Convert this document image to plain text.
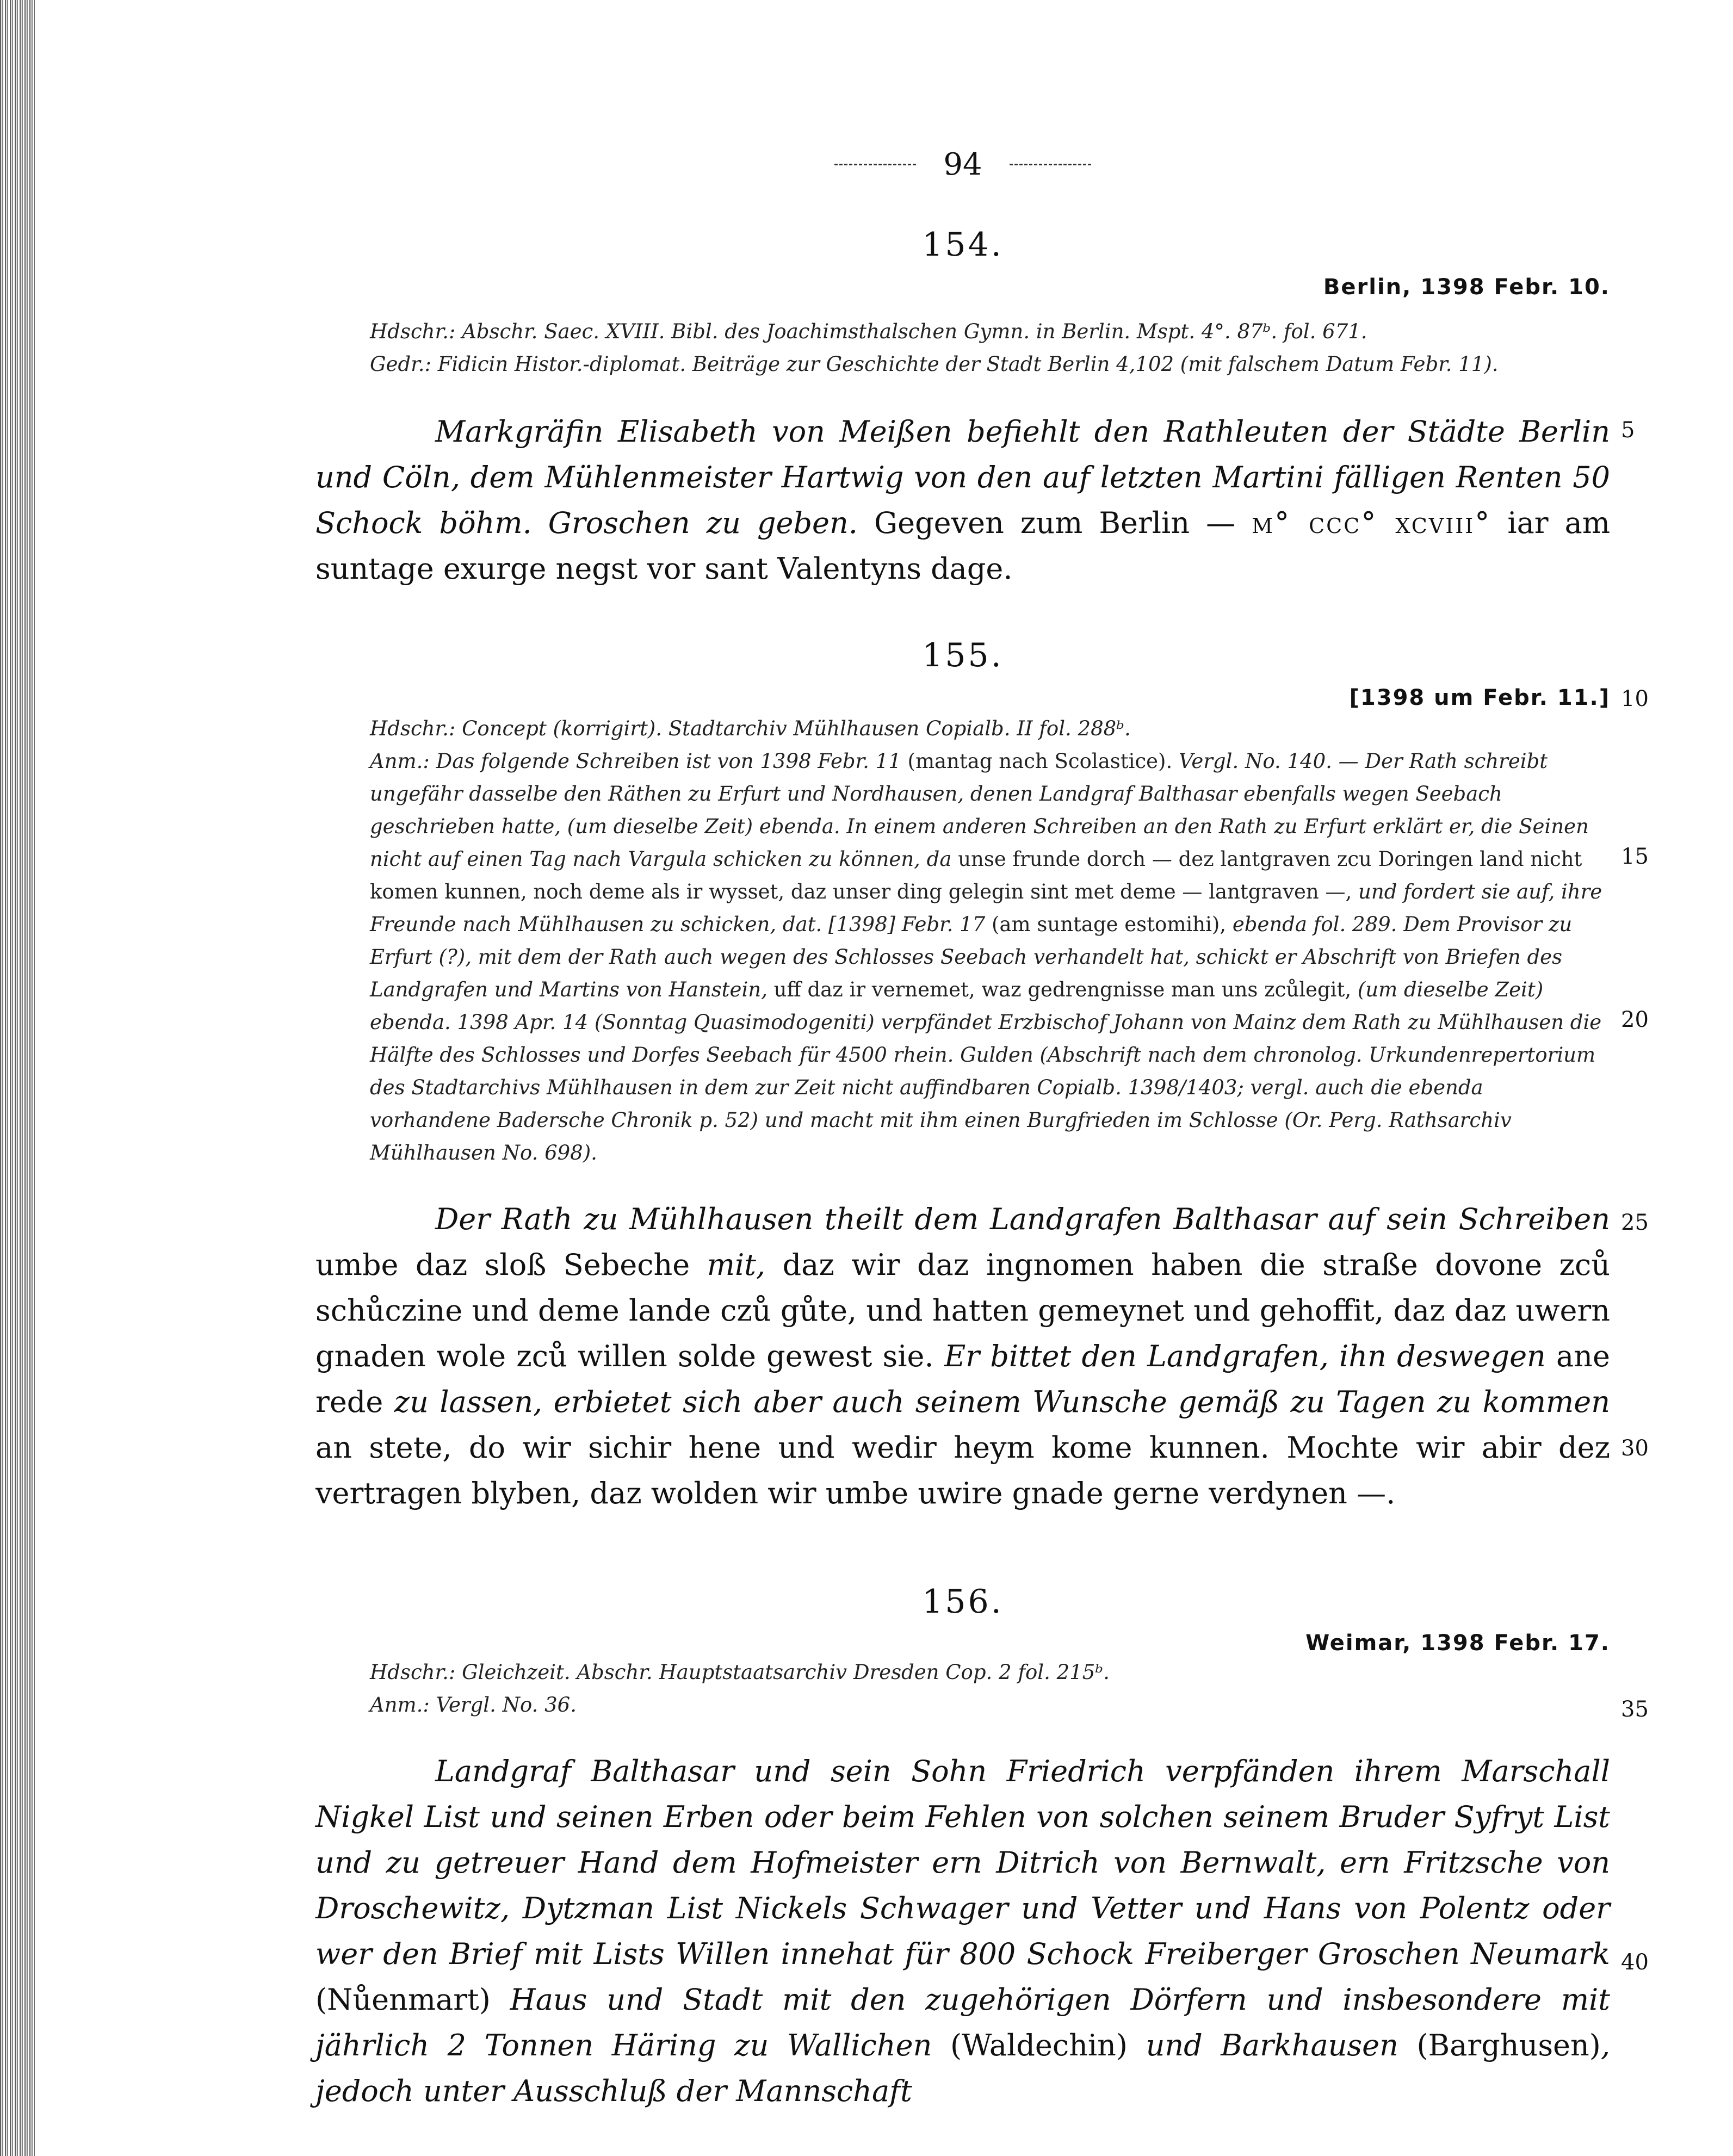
94
154.
Berlin, 1398 Febr. 10.

Hdschr.: Abschr. Saec. XVIII. Bibl. des Joachimsthalschen Gymn. in Berlin. Mspt. 4°. 87ᵇ. fol. 671.

Gedr.: Fidicin Histor.-diplomat. Beiträge zur Geschichte der Stadt Berlin 4,102 (mit falschem Datum Febr. 11).

Markgräfin Elisabeth von Meißen befiehlt den Rathleuten der Städte Berlin und Cöln, dem Mühlenmeister Hartwig von den auf letzten Martini fälligen Renten 50 Schock böhm. Groschen zu geben. Gegeven zum Berlin — m° ccc° xcviii° iar am suntage exurge negst vor sant Valentyns dage.

155.
[1398 um Febr. 11.]

Hdschr.: Concept (korrigirt). Stadtarchiv Mühlhausen Copialb. II fol. 288ᵇ.

Anm.: Das folgende Schreiben ist von 1398 Febr. 11 (mantag nach Scolastice). Vergl. No. 140. — Der Rath schreibt ungefähr dasselbe den Räthen zu Erfurt und Nordhausen, denen Landgraf Balthasar ebenfalls wegen Seebach geschrieben hatte, (um dieselbe Zeit) ebenda. In einem anderen Schreiben an den Rath zu Erfurt erklärt er, die Seinen nicht auf einen Tag nach Vargula schicken zu können, da unse frunde dorch — dez lantgraven zcu Doringen land nicht komen kunnen, noch deme als ir wysset, daz unser ding gelegin sint met deme — lantgraven —, und fordert sie auf, ihre Freunde nach Mühlhausen zu schicken, dat. [1398] Febr. 17 (am suntage estomihi), ebenda fol. 289. Dem Provisor zu Erfurt (?), mit dem der Rath auch wegen des Schlosses Seebach verhandelt hat, schickt er Abschrift von Briefen des Landgrafen und Martins von Hanstein, uff daz ir vernemet, waz gedrengnisse man uns zcůlegit, (um dieselbe Zeit) ebenda. 1398 Apr. 14 (Sonntag Quasimodogeniti) verpfändet Erzbischof Johann von Mainz dem Rath zu Mühlhausen die Hälfte des Schlosses und Dorfes Seebach für 4500 rhein. Gulden (Abschrift nach dem chronolog. Urkundenrepertorium des Stadtarchivs Mühlhausen in dem zur Zeit nicht auffindbaren Copialb. 1398/1403; vergl. auch die ebenda vorhandene Badersche Chronik p. 52) und macht mit ihm einen Burgfrieden im Schlosse (Or. Perg. Rathsarchiv Mühlhausen No. 698).

Der Rath zu Mühlhausen theilt dem Landgrafen Balthasar auf sein Schreiben umbe daz sloß Sebeche mit, daz wir daz ingnomen haben die straße dovone zců schůczine und deme lande czů gůte, und hatten gemeynet und gehoffit, daz daz uwern gnaden wole zců willen solde gewest sie. Er bittet den Landgrafen, ihn deswegen ane rede zu lassen, erbietet sich aber auch seinem Wunsche gemäß zu Tagen zu kommen an stete, do wir sichir hene und wedir heym kome kunnen. Mochte wir abir dez vertragen blyben, daz wolden wir umbe uwire gnade gerne verdynen —.

156.
Weimar, 1398 Febr. 17.

Hdschr.: Gleichzeit. Abschr. Hauptstaatsarchiv Dresden Cop. 2 fol. 215ᵇ.

Anm.: Vergl. No. 36.

Landgraf Balthasar und sein Sohn Friedrich verpfänden ihrem Marschall Nigkel List und seinen Erben oder beim Fehlen von solchen seinem Bruder Syfryt List und zu getreuer Hand dem Hofmeister ern Ditrich von Bernwalt, ern Fritzsche von Droschewitz, Dytzman List Nickels Schwager und Vetter und Hans von Polentz oder wer den Brief mit Lists Willen innehat für 800 Schock Freiberger Groschen Neumark (Nůenmart) Haus und Stadt mit den zugehörigen Dörfern und insbesondere mit jährlich 2 Tonnen Häring zu Wallichen (Waldechin) und Barkhausen (Barghusen), jedoch unter Ausschluß der Mannschaft

5
10
15
20
25
30
35
40
